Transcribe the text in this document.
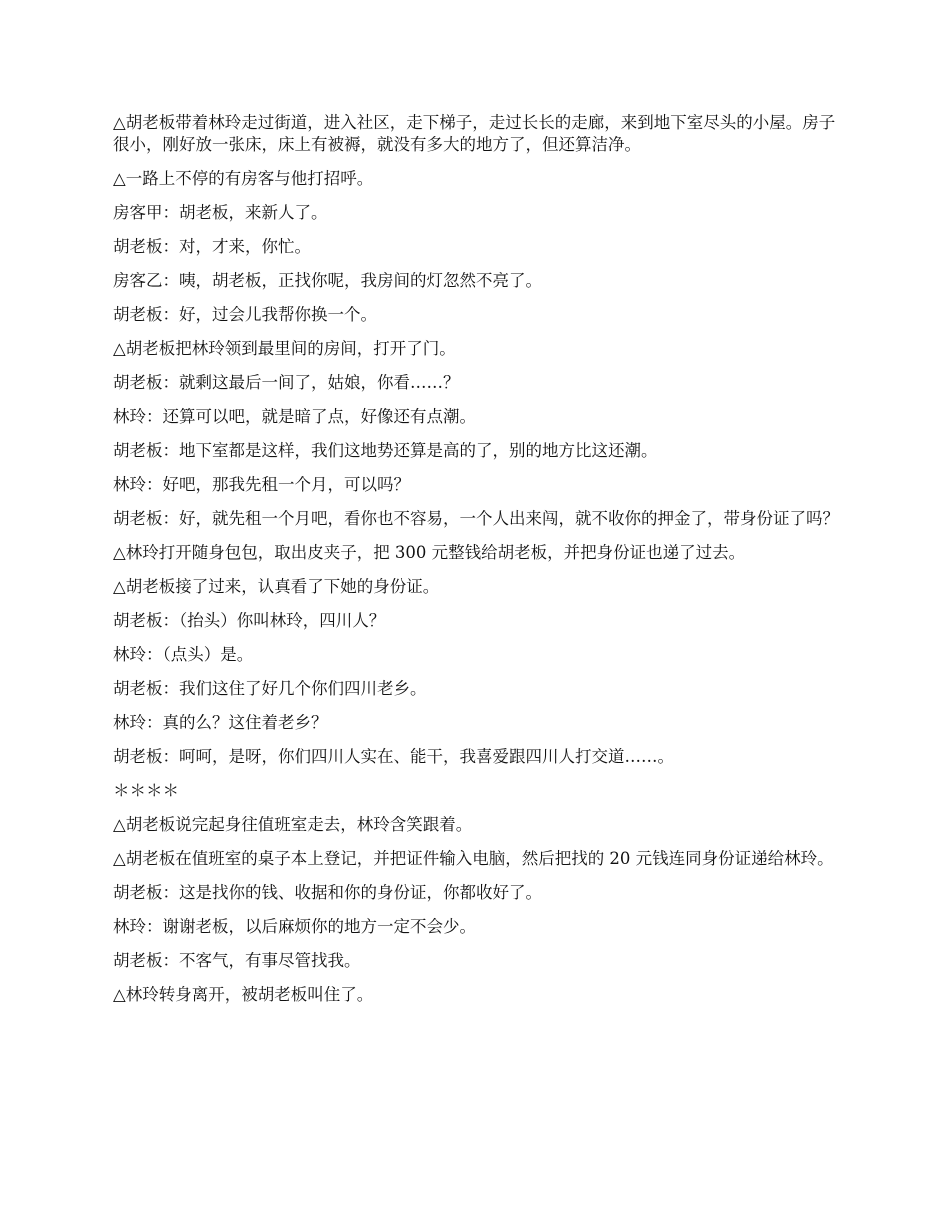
△胡老板带着林玲走过街道，进入社区，走下梯子，走过长长的走廊，来到地下室尽头的小屋。房子很小，刚好放一张床，床上有被褥，就没有多大的地方了，但还算洁净。

△一路上不停的有房客与他打招呼。

房客甲：胡老板，来新人了。

胡老板：对，才来，你忙。

房客乙：咦，胡老板，正找你呢，我房间的灯忽然不亮了。

胡老板：好，过会儿我帮你换一个。

△胡老板把林玲领到最里间的房间，打开了门。

胡老板：就剩这最后一间了，姑娘，你看……？

林玲：还算可以吧，就是暗了点，好像还有点潮。

胡老板：地下室都是这样，我们这地势还算是高的了，别的地方比这还潮。

林玲：好吧，那我先租一个月，可以吗？

胡老板：好，就先租一个月吧，看你也不容易，一个人出来闯，就不收你的押金了，带身份证了吗？

△林玲打开随身包包，取出皮夹子，把 300 元整钱给胡老板，并把身份证也递了过去。

△胡老板接了过来，认真看了下她的身份证。

胡老板：（抬头）你叫林玲，四川人？

林玲：（点头）是。

胡老板：我们这住了好几个你们四川老乡。

林玲：真的么？这住着老乡？

胡老板：呵呵，是呀，你们四川人实在、能干，我喜爱跟四川人打交道……。

＊＊＊＊

△胡老板说完起身往值班室走去，林玲含笑跟着。

△胡老板在值班室的桌子本上登记，并把证件输入电脑，然后把找的 20 元钱连同身份证递给林玲。

胡老板：这是找你的钱、收据和你的身份证，你都收好了。

林玲：谢谢老板，以后麻烦你的地方一定不会少。

胡老板：不客气，有事尽管找我。

△林玲转身离开，被胡老板叫住了。
